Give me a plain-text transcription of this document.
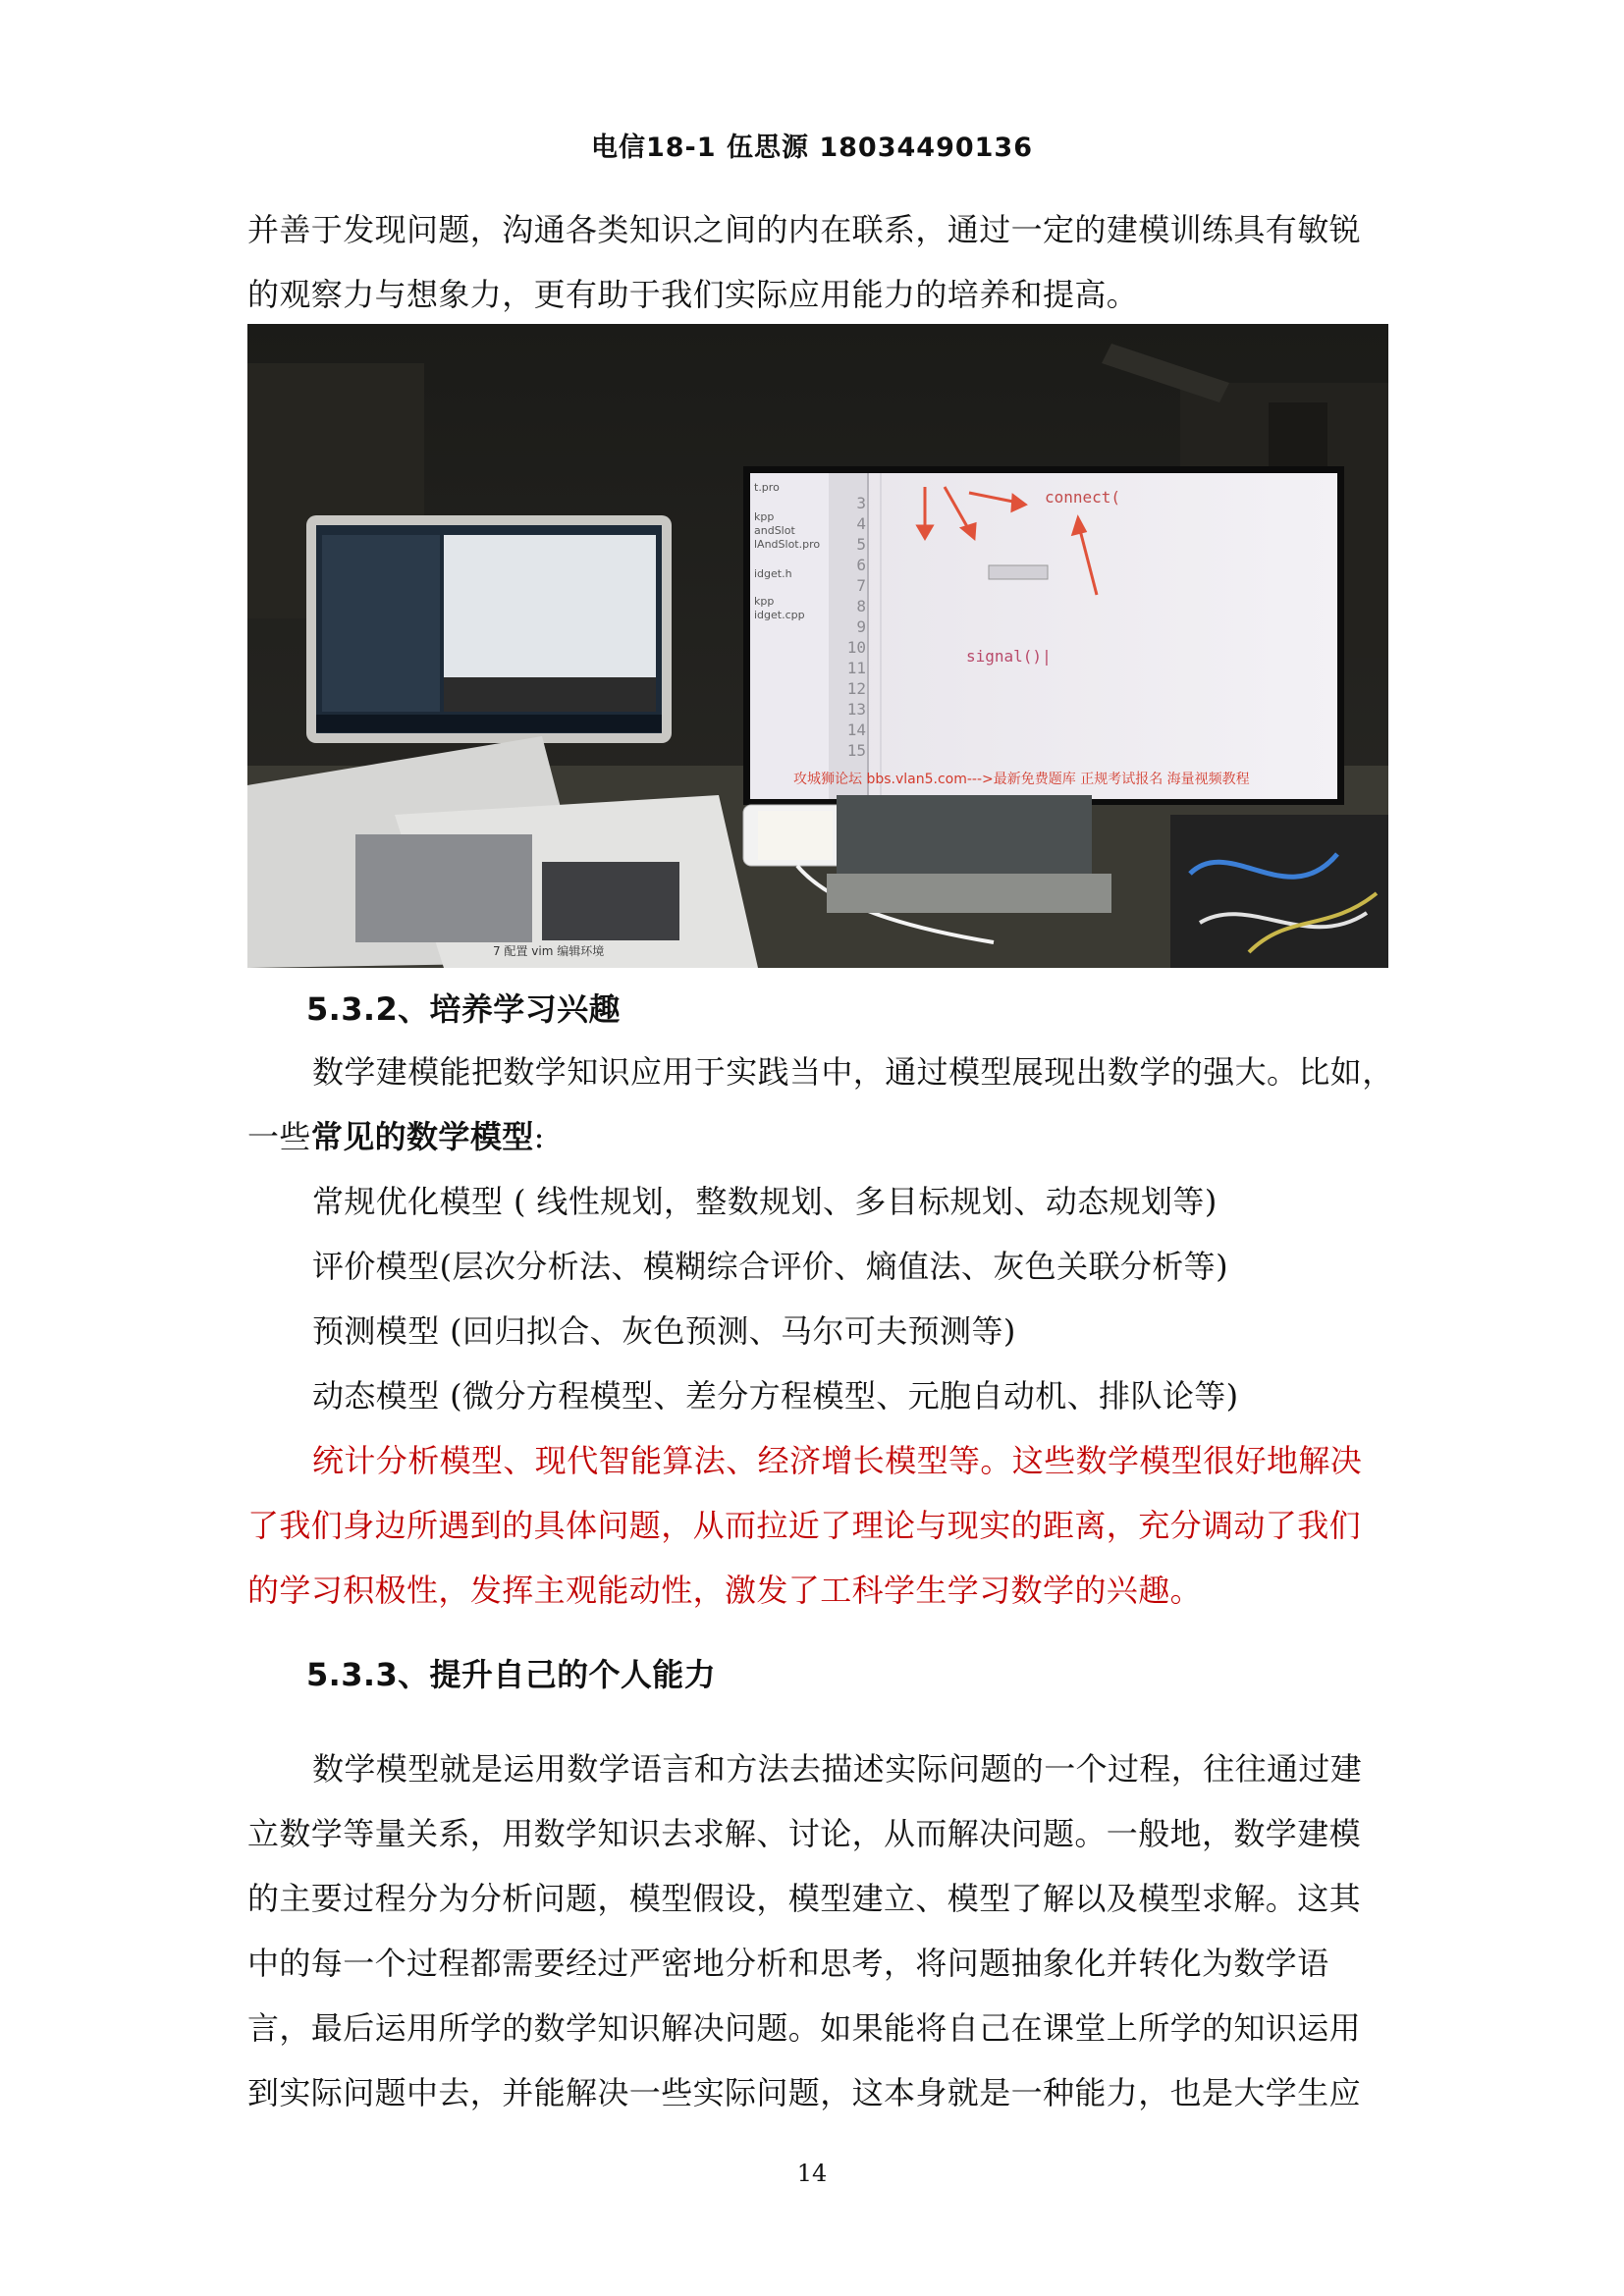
电信18-1 伍思源 18034490136
并善于发现问题，沟通各类知识之间的内在联系，通过一定的建模训练具有敏锐
的观察力与想象力，更有助于我们实际应用能力的培养和提高。
3
4
5
6
7
8
9
10
11
12
13
14
15
t.pro
kpp
andSlot
lAndSlot.pro
idget.h
kpp
idget.cpp
connect(
signal()|
攻城狮论坛 bbs.vlan5.com--->最新免费题库 正规考试报名 海量视频教程
7 配置 vim 编辑环境
5.3.2、培养学习兴趣
数学建模能把数学知识应用于实践当中，通过模型展现出数学的强大。比如，
一些常见的数学模型:
常规优化模型 ( 线性规划，整数规划、多目标规划、动态规划等)
评价模型(层次分析法、模糊综合评价、熵值法、灰色关联分析等)
预测模型 (回归拟合、灰色预测、马尔可夫预测等)
动态模型 (微分方程模型、差分方程模型、元胞自动机、排队论等)
统计分析模型、现代智能算法、经济增长模型等。这些数学模型很好地解决
了我们身边所遇到的具体问题，从而拉近了理论与现实的距离，充分调动了我们
的学习积极性，发挥主观能动性，激发了工科学生学习数学的兴趣。
5.3.3、提升自己的个人能力
数学模型就是运用数学语言和方法去描述实际问题的一个过程，往往通过建
立数学等量关系，用数学知识去求解、讨论，从而解决问题。一般地，数学建模
的主要过程分为分析问题，模型假设，模型建立、模型了解以及模型求解。这其
中的每一个过程都需要经过严密地分析和思考，将问题抽象化并转化为数学语
言，最后运用所学的数学知识解决问题。如果能将自己在课堂上所学的知识运用
到实际问题中去，并能解决一些实际问题，这本身就是一种能力，也是大学生应
14
